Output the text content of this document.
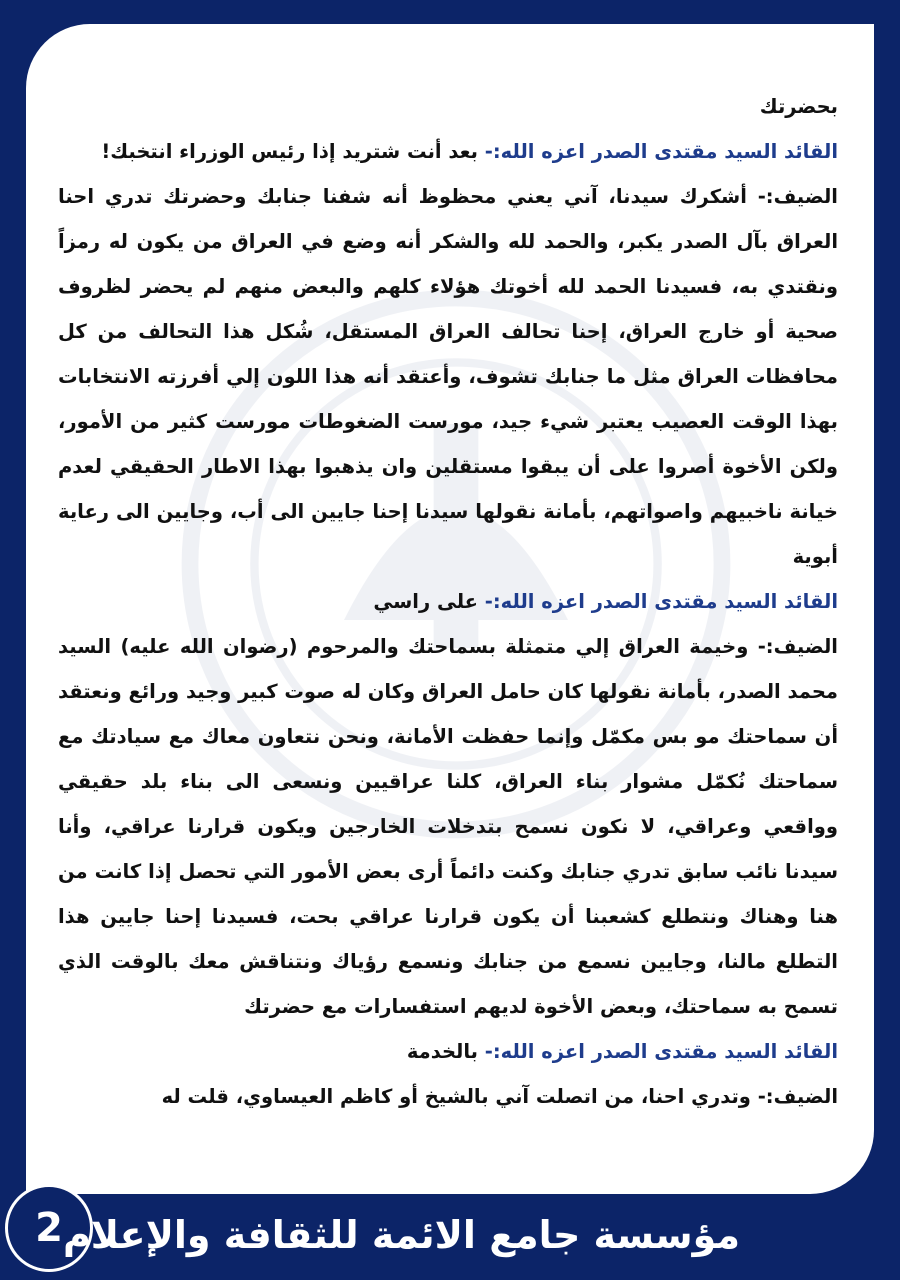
بحضرتك

القائد السيد مقتدى الصدر اعزه الله:- بعد أنت شتريد إذا رئيس الوزراء انتخبك!

الضيف:- أشكرك سيدنا، آني يعني محظوظ أنه شفنا جنابك وحضرتك تدري احنا العراق بآل الصدر يكبر، والحمد لله والشكر أنه وضع في العراق من يكون له رمزاً ونقتدي به، فسيدنا الحمد لله أخوتك هؤلاء كلهم والبعض منهم لم يحضر لظروف صحية أو خارج العراق، إحنا تحالف العراق المستقل، شُكل هذا التحالف من كل محافظات العراق مثل ما جنابك تشوف، وأعتقد أنه هذا اللون إلي أفرزته الانتخابات بهذا الوقت العصيب يعتبر شيء جيد، مورست الضغوطات مورست كثير من الأمور، ولكن الأخوة أصروا على أن يبقوا مستقلين وان يذهبوا بهذا الاطار الحقيقي لعدم خيانة ناخبيهم واصواتهم، بأمانة نقولها سيدنا إحنا جايين الى أب، وجايين الى رعاية أبوية

القائد السيد مقتدى الصدر اعزه الله:- على راسي

الضيف:- وخيمة العراق إلي متمثلة بسماحتك والمرحوم (رضوان الله عليه) السيد محمد الصدر، بأمانة نقولها كان حامل العراق وكان له صوت كبير وجيد ورائع ونعتقد أن سماحتك مو بس مكمّل وإنما حفظت الأمانة، ونحن نتعاون معاك مع سيادتك مع سماحتك نُكمّل مشوار بناء العراق، كلنا عراقيين ونسعى الى بناء بلد حقيقي وواقعي وعراقي، لا نكون نسمح بتدخلات الخارجين ويكون قرارنا عراقي، وأنا سيدنا نائب سابق تدري جنابك وكنت دائماً أرى بعض الأمور التي تحصل إذا كانت من هنا وهناك ونتطلع كشعبنا أن يكون قرارنا عراقي بحت، فسيدنا إحنا جايين هذا التطلع مالنا، وجايين نسمع من جنابك ونسمع رؤياك ونتناقش معك بالوقت الذي تسمح به سماحتك، وبعض الأخوة لديهم استفسارات مع حضرتك

القائد السيد مقتدى الصدر اعزه الله:- بالخدمة

الضيف:- وتدري احنا، من اتصلت آني بالشيخ أو كاظم العيساوي، قلت له

2 مؤسسة جامع الائمة للثقافة والإعلام
